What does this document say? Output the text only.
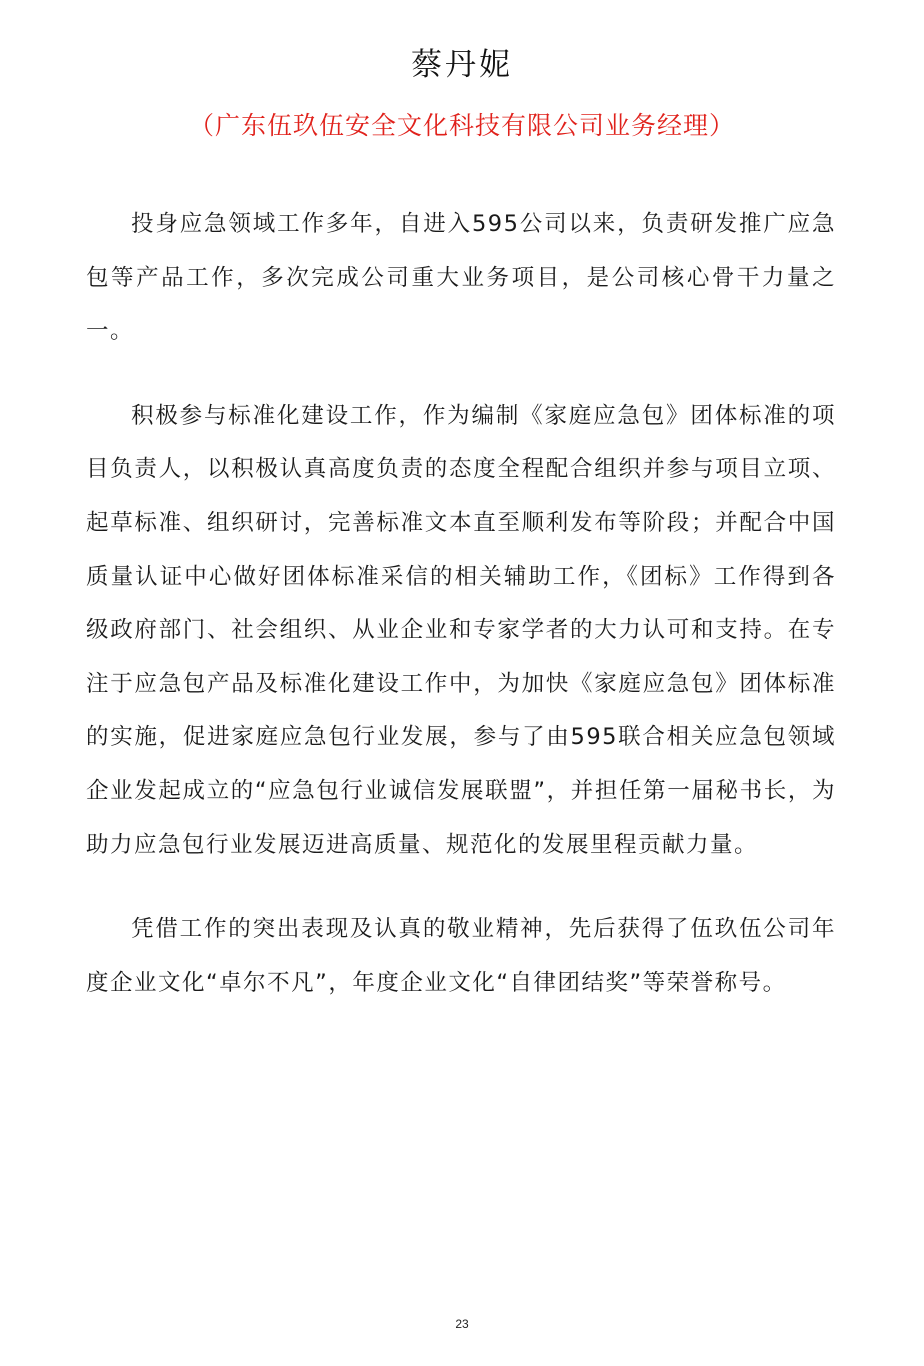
蔡丹妮
（广东伍玖伍安全文化科技有限公司业务经理）

投身应急领域工作多年，自进入595公司以来，负责研发推广应急包等产品工作，多次完成公司重大业务项目，是公司核心骨干力量之一。

积极参与标准化建设工作，作为编制《家庭应急包》团体标准的项目负责人，以积极认真高度负责的态度全程配合组织并参与项目立项、起草标准、组织研讨，完善标准文本直至顺利发布等阶段；并配合中国质量认证中心做好团体标准采信的相关辅助工作，《团标》工作得到各级政府部门、社会组织、从业企业和专家学者的大力认可和支持。在专注于应急包产品及标准化建设工作中，为加快《家庭应急包》团体标准的实施，促进家庭应急包行业发展，参与了由595联合相关应急包领域企业发起成立的“应急包行业诚信发展联盟”，并担任第一届秘书长，为助力应急包行业发展迈进高质量、规范化的发展里程贡献力量。

凭借工作的突出表现及认真的敬业精神，先后获得了伍玖伍公司年度企业文化“卓尔不凡”，年度企业文化“自律团结奖”等荣誉称号。

23
